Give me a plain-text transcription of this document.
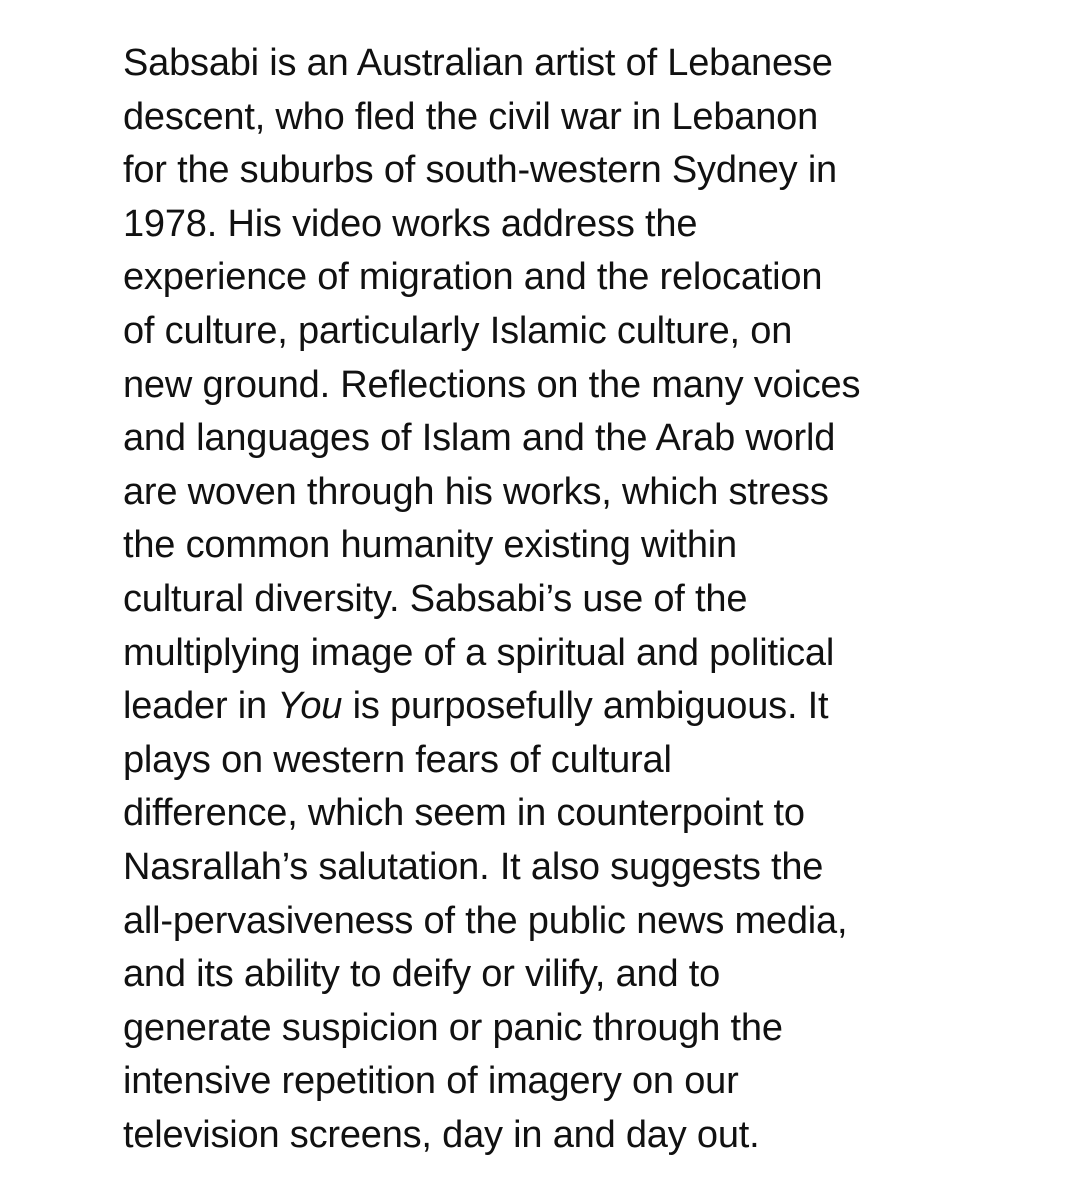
Sabsabi is an Australian artist of Lebanese
descent, who fled the civil war in Lebanon
for the suburbs of south-western Sydney in
1978. His video works address the
experience of migration and the relocation
of culture, particularly Islamic culture, on
new ground. Reflections on the many voices
and languages of Islam and the Arab world
are woven through his works, which stress
the common humanity existing within
cultural diversity. Sabsabi’s use of the
multiplying image of a spiritual and political
leader in You is purposefully ambiguous. It
plays on western fears of cultural
difference, which seem in counterpoint to
Nasrallah’s salutation. It also suggests the
all-pervasiveness of the public news media,
and its ability to deify or vilify, and to
generate suspicion or panic through the
intensive repetition of imagery on our
television screens, day in and day out.
